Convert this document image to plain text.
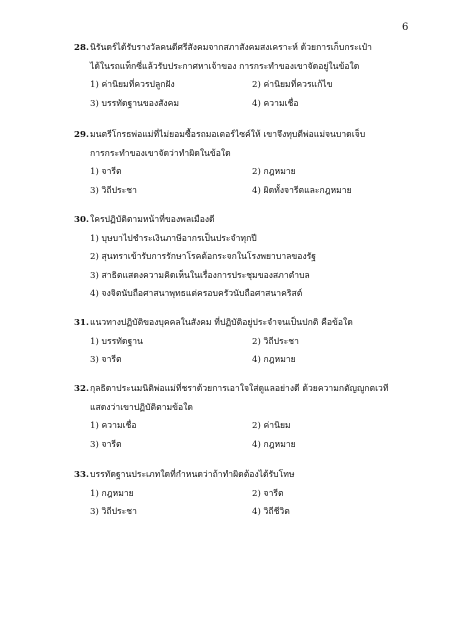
6
28.นิรันดร์ได้รับรางวัลคนดีศรีสังคมจากสภาสังคมสงเคราะห์ ด้วยการเก็บกระเป๋า
ได้ในรถแท็กซี่แล้วรับประกาศหาเจ้าของ การกระทำของเขาจัดอยู่ในข้อใด
1) ค่านิยมที่ควรปลูกฝัง	2) ค่านิยมที่ควรแก้ไข
3) บรรทัดฐานของสังคม	4) ความเชื่อ
29.มนตรีโกรธพ่อแม่ที่ไม่ยอมซื้อรถมอเตอร์ไซค์ให้ เขาจึงทุบตีพ่อแม่จนบาดเจ็บ
การกระทำของเขาจัดว่าทำผิดในข้อใด
1) จารีต	2) กฎหมาย
3) วิถีประชา	4) ผิดทั้งจารีตและกฎหมาย
30.ใครปฏิบัติตามหน้าที่ของพลเมืองดี
1) บุษบาไปชำระเงินภาษีอากรเป็นประจำทุกปี
2) สุนทราเข้ารับการรักษาโรคต้อกระจกในโรงพยาบาลของรัฐ
3) สาธิตแสดงความคิดเห็นในเรื่องการประชุมของสภาตำบล
4) จงจิตนับถือศาสนาพุทธแต่ครอบครัวนับถือศาสนาคริสต์
31.แนวทางปฏิบัติของบุคคลในสังคม ที่ปฏิบัติอยู่ประจำจนเป็นปกติ คือข้อใด
1) บรรทัดฐาน	2) วิถีประชา
3) จารีต	4) กฎหมาย
32.กุลธิดาประนมนิติพ่อแม่ที่ชราด้วยการเอาใจใส่ดูแลอย่างดี ด้วยความกตัญญูกตเวที
แสดงว่าเขาปฏิบัติตามข้อใด
1) ความเชื่อ	2) ค่านิยม
3) จารีต	4) กฎหมาย
33.บรรทัดฐานประเภทใดที่กำหนดว่าถ้าทำผิดต้องได้รับโทษ
1) กฎหมาย	2) จารีต
3) วิถีประชา	4) วิถีชีวิต
